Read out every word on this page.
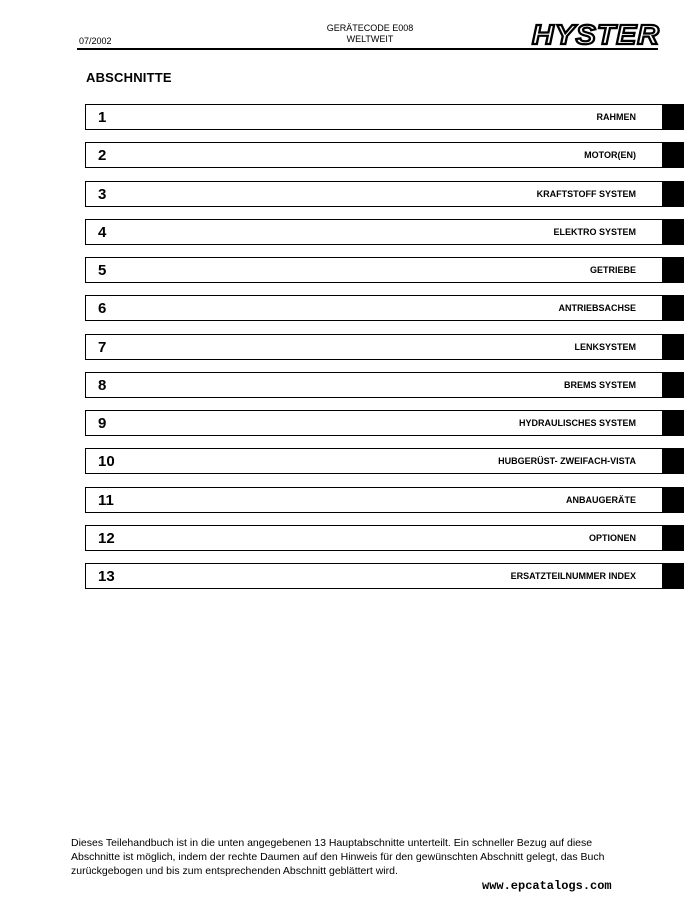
07/2002
GERÄTECODE E008
WELTWEIT	HYSTER
ABSCHNITTE
1	RAHMEN
2	MOTOR(EN)
3	KRAFTSTOFF SYSTEM
4	ELEKTRO SYSTEM
5	GETRIEBE
6	ANTRIEBSACHSE
7	LENKSYSTEM
8	BREMS SYSTEM
9	HYDRAULISCHES SYSTEM
10	HUBGERÜST- ZWEIFACH-VISTA
11	ANBAUGERÄTE
12	OPTIONEN
13	ERSATZTEILNUMMER INDEX
Dieses Teilehandbuch ist in die unten angegebenen 13 Hauptabschnitte unterteilt. Ein schneller Bezug auf diese
Abschnitte ist möglich, indem der rechte Daumen auf den Hinweis für den gewünschten Abschnitt gelegt, das Buch
zurückgebogen und bis zum entsprechenden Abschnitt geblättert wird.
www.epcatalogs.com
